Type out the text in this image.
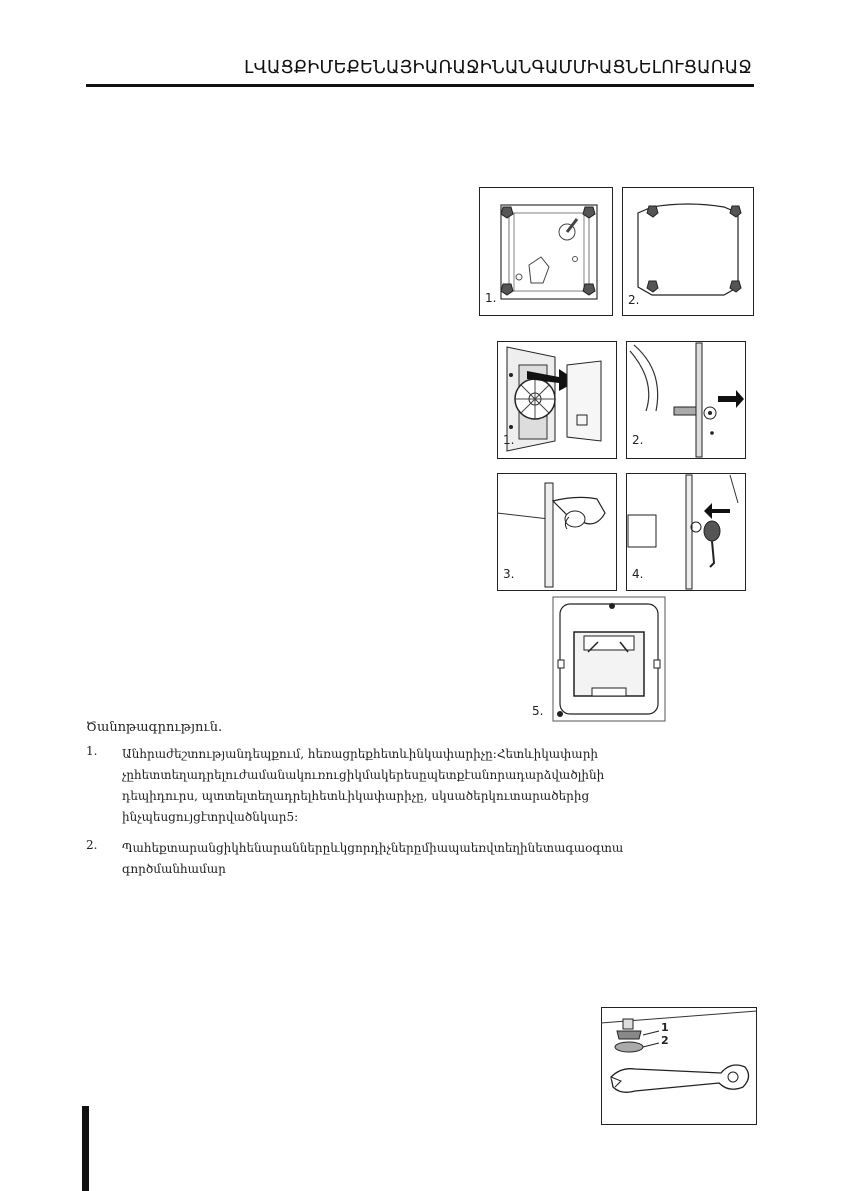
ԼՎԱՑՔԻՄԵՔԵՆԱՅԻԱՌԱՋԻՆԱՆԳԱՄՄԻԱՑՆԵԼՈՒՑԱՌԱՋ
1.	2.
1.	2.
3.	4.
5.
1
2
Ծանոթագրություն.
1.	Անհրաժեշտությանդեպքում, հեռացրեքհետևինկափարիչը:Հետևիկափարի
չըհետտեղադրելուժամանակուռուցիկմակերեսըպետքէանորադարձվածլինի
դեպիդուրս, պտտելտեղադրելհետևիկափարիչը, սկսածերկուտարածերից
ինչպեսցույցէտրվածնկար5:
2.	Պահեքտարանցիկհենարաններըևկցորդիչներըմիապաեռվտեղինետագաօգտա
գործմանհամար
